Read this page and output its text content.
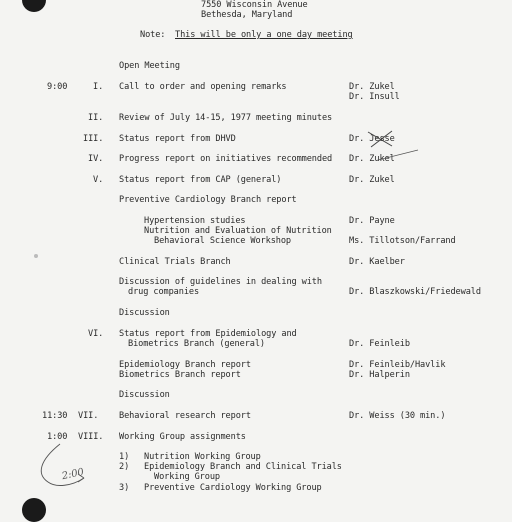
7550 Wisconsin Avenue
Bethesda, Maryland
Note: This will be only a one day meeting
Open Meeting
9:00	I. Call to order and opening remarks	Dr. Zukel
Dr. Insull
II. Review of July 14-15, 1977 meeting minutes
III. Status report from DHVD	Dr. Jesse
IV. Progress report on initiatives recommended Dr. Zukel
V. Status report from CAP (general)	Dr. Zukel
Preventive Cardiology Branch report
Hypertension studies	Dr. Payne
Nutrition and Evaluation of Nutrition
Behavioral Science Workshop	Ms. Tillotson/Farrand
Clinical Trials Branch	Dr. Kaelber
Discussion of guidelines in dealing with
drug companies	Dr. Blaszkowski/Friedewald
Discussion
VI. Status report from Epidemiology and
Biometrics Branch (general)	Dr. Feinleib
Epidemiology Branch report	Dr. Feinleib/Havlik
Biometrics Branch report	Dr. Halperin
Discussion
11:30 VII. Behavioral research report	Dr. Weiss (30 min.)
1:00 VIII. Working Group assignments
1) Nutrition Working Group
2) Epidemiology Branch and Clinical Trials
Working Group
3) Preventive Cardiology Working Group
2:00
